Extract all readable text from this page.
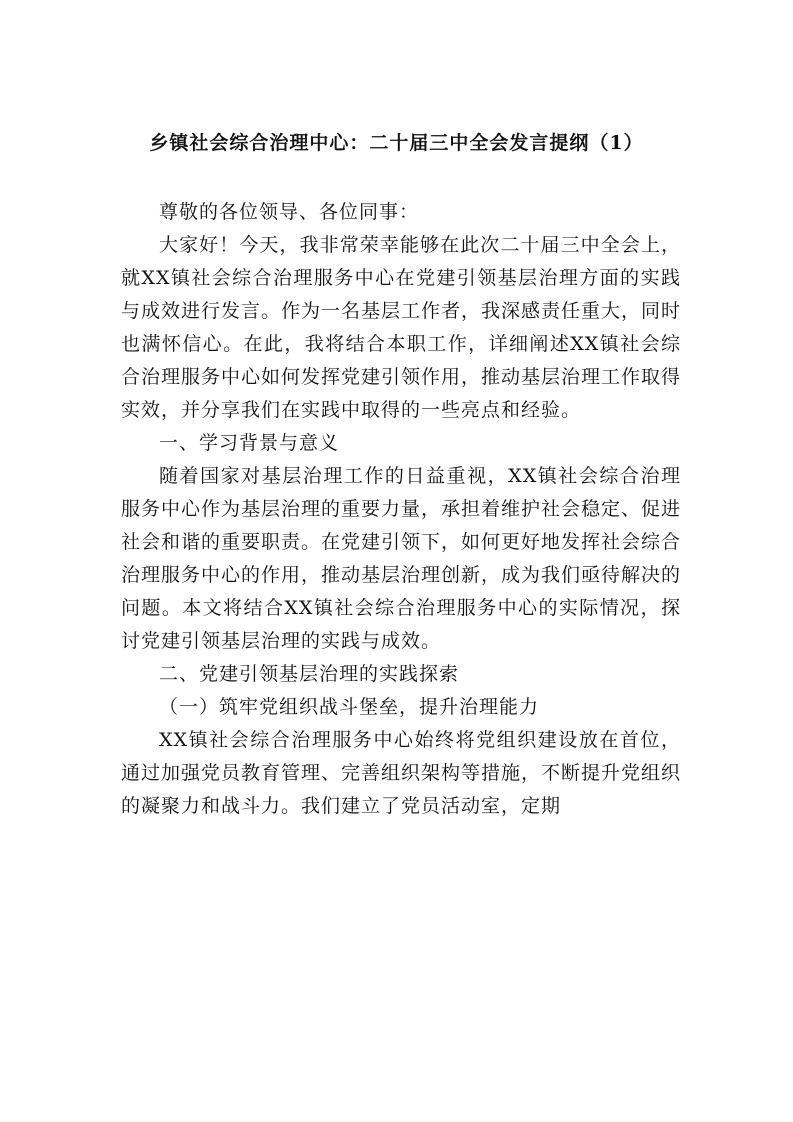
乡镇社会综合治理中心：二十届三中全会发言提纲（1）

尊敬的各位领导、各位同事：

大家好！今天，我非常荣幸能够在此次二十届三中全会上，就XX镇社会综合治理服务中心在党建引领基层治理方面的实践与成效进行发言。作为一名基层工作者，我深感责任重大，同时也满怀信心。在此，我将结合本职工作，详细阐述XX镇社会综合治理服务中心如何发挥党建引领作用，推动基层治理工作取得实效，并分享我们在实践中取得的一些亮点和经验。

一、学习背景与意义

随着国家对基层治理工作的日益重视，XX镇社会综合治理服务中心作为基层治理的重要力量，承担着维护社会稳定、促进社会和谐的重要职责。在党建引领下，如何更好地发挥社会综合治理服务中心的作用，推动基层治理创新，成为我们亟待解决的问题。本文将结合XX镇社会综合治理服务中心的实际情况，探讨党建引领基层治理的实践与成效。

二、党建引领基层治理的实践探索

（一）筑牢党组织战斗堡垒，提升治理能力

XX镇社会综合治理服务中心始终将党组织建设放在首位，通过加强党员教育管理、完善组织架构等措施，不断提升党组织的凝聚力和战斗力。我们建立了党员活动室，定期
